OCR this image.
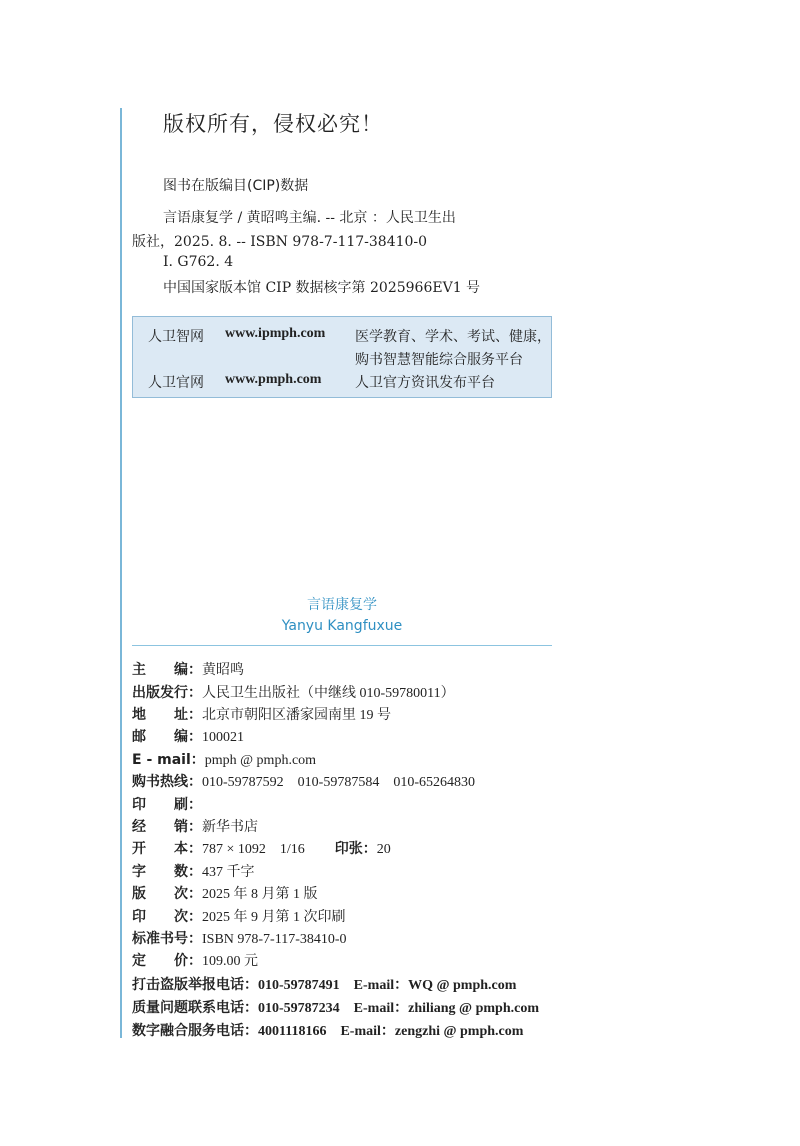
版权所有，侵权必究！
图书在版编目(CIP)数据
言语康复学 / 黄昭鸣主编. -- 北京 ：人民卫生出
版社，2025. 8. -- ISBN 978-7-117-38410-0
Ⅰ. G762. 4
中国国家版本馆 CIP 数据核字第 2025966EV1 号
人卫智网 www.ipmph.com 医学教育、学术、考试、健康，
购书智慧智能综合服务平台
人卫官网 www.pmph.com 人卫官方资讯发布平台
言语康复学
Yanyu Kangfuxue
主　　编：黄昭鸣
出版发行：人民卫生出版社（中继线 010-59780011）
地　　址：北京市朝阳区潘家园南里 19 号
邮　　编：100021
E - mail：pmph @ pmph.com
购书热线：010-59787592　010-59787584　010-65264830
印　　刷：
经　　销：新华书店
开　　本：787 × 1092　1/16 印张：20
字　　数：437 千字
版　　次：2025 年 8 月第 1 版
印　　次：2025 年 9 月第 1 次印刷
标准书号：ISBN 978-7-117-38410-0
定　　价：109.00 元
打击盗版举报电话：010-59787491　E-mail：WQ @ pmph.com
质量问题联系电话：010-59787234　E-mail：zhiliang @ pmph.com
数字融合服务电话：4001118166　E-mail：zengzhi @ pmph.com
